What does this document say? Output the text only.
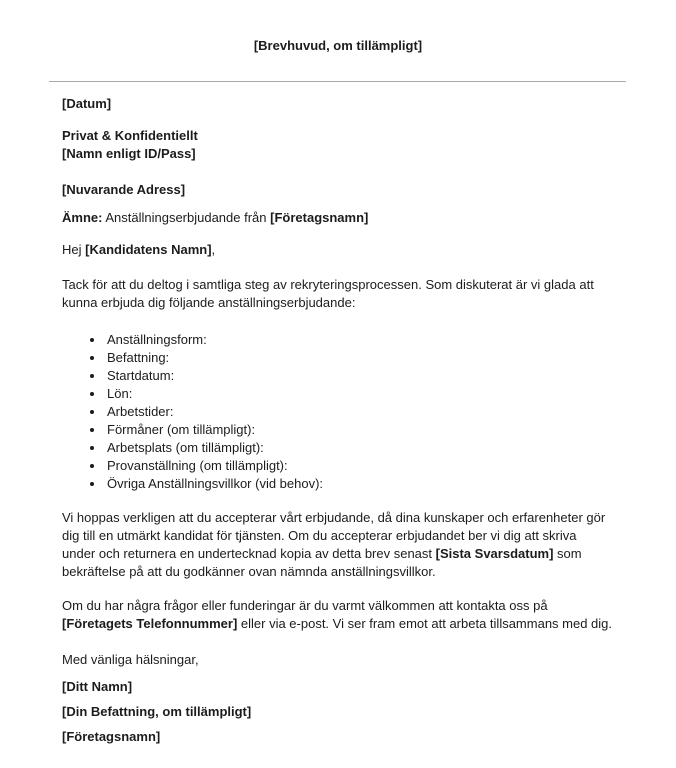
[Brevhuvud, om tillämpligt]

[Datum]

Privat & Konfidentiellt
[Namn enligt ID/Pass]

[Nuvarande Adress]

Ämne: Anställningserbjudande från [Företagsnamn]

Hej [Kandidatens Namn],

Tack för att du deltog i samtliga steg av rekryteringsprocessen. Som diskuterat är vi glada att
kunna erbjuda dig följande anställningserbjudande:
• Anställningsform:
• Befattning:
• Startdatum:
• Lön:
• Arbetstider:
• Förmåner (om tillämpligt):
• Arbetsplats (om tillämpligt):
• Provanställning (om tillämpligt):
• Övriga Anställningsvillkor (vid behov):
Vi hoppas verkligen att du accepterar vårt erbjudande, då dina kunskaper och erfarenheter gör
dig till en utmärkt kandidat för tjänsten. Om du accepterar erbjudandet ber vi dig att skriva
under och returnera en undertecknad kopia av detta brev senast [Sista Svarsdatum] som
bekräftelse på att du godkänner ovan nämnda anställningsvillkor.
Om du har några frågor eller funderingar är du varmt välkommen att kontakta oss på
[Företagets Telefonnummer] eller via e-post. Vi ser fram emot att arbeta tillsammans med dig.

Med vänliga hälsningar,

[Ditt Namn]

[Din Befattning, om tillämpligt]

[Företagsnamn]
